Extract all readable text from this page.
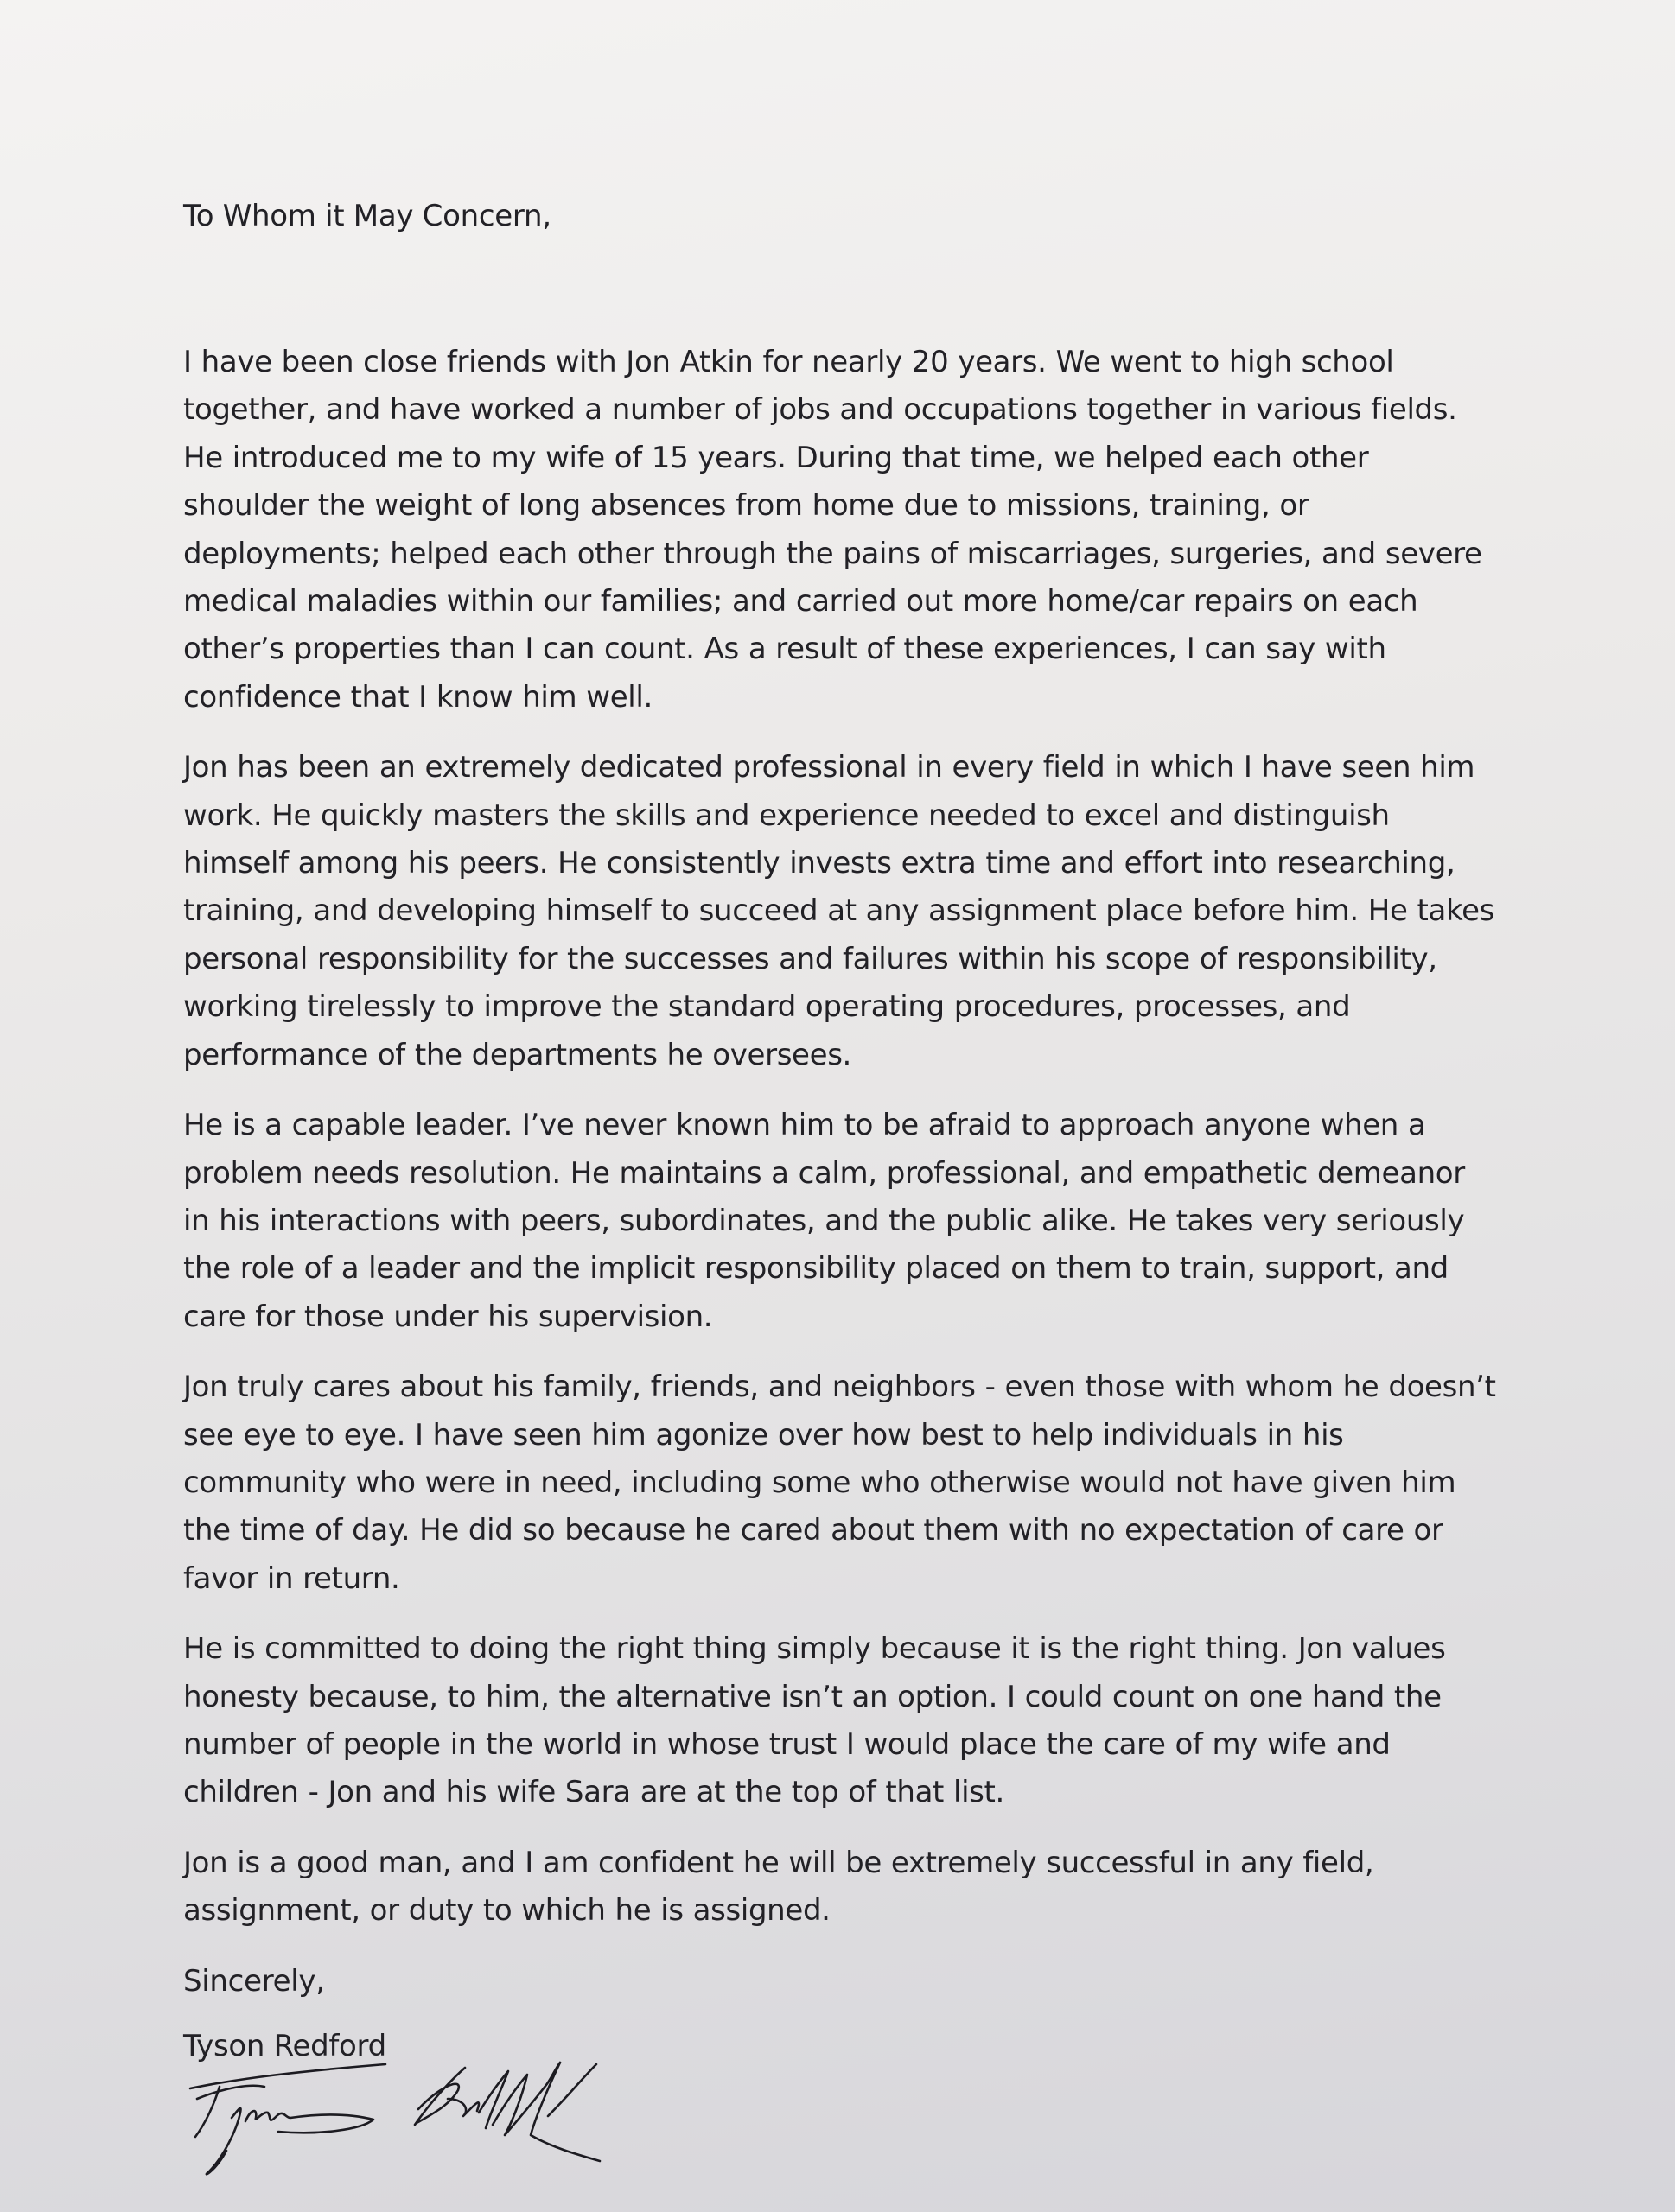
To Whom it May Concern,

I have been close friends with Jon Atkin for nearly 20 years. We went to high school together, and have worked a number of jobs and occupations together in various fields. He introduced me to my wife of 15 years. During that time, we helped each other shoulder the weight of long absences from home due to missions, training, or deployments; helped each other through the pains of miscarriages, surgeries, and severe medical maladies within our families; and carried out more home/car repairs on each other’s properties than I can count. As a result of these experiences, I can say with confidence that I know him well.

Jon has been an extremely dedicated professional in every field in which I have seen him work. He quickly masters the skills and experience needed to excel and distinguish himself among his peers. He consistently invests extra time and effort into researching, training, and developing himself to succeed at any assignment place before him. He takes personal responsibility for the successes and failures within his scope of responsibility, working tirelessly to improve the standard operating procedures, processes, and performance of the departments he oversees.

He is a capable leader. I’ve never known him to be afraid to approach anyone when a problem needs resolution. He maintains a calm, professional, and empathetic demeanor in his interactions with peers, subordinates, and the public alike. He takes very seriously the role of a leader and the implicit responsibility placed on them to train, support, and care for those under his supervision.

Jon truly cares about his family, friends, and neighbors - even those with whom he doesn’t see eye to eye. I have seen him agonize over how best to help individuals in his community who were in need, including some who otherwise would not have given him the time of day. He did so because he cared about them with no expectation of care or favor in return.

He is committed to doing the right thing simply because it is the right thing. Jon values honesty because, to him, the alternative isn’t an option. I could count on one hand the number of people in the world in whose trust I would place the care of my wife and children - Jon and his wife Sara are at the top of that list.

Jon is a good man, and I am confident he will be extremely successful in any field, assignment, or duty to which he is assigned.

Sincerely,

Tyson Redford
